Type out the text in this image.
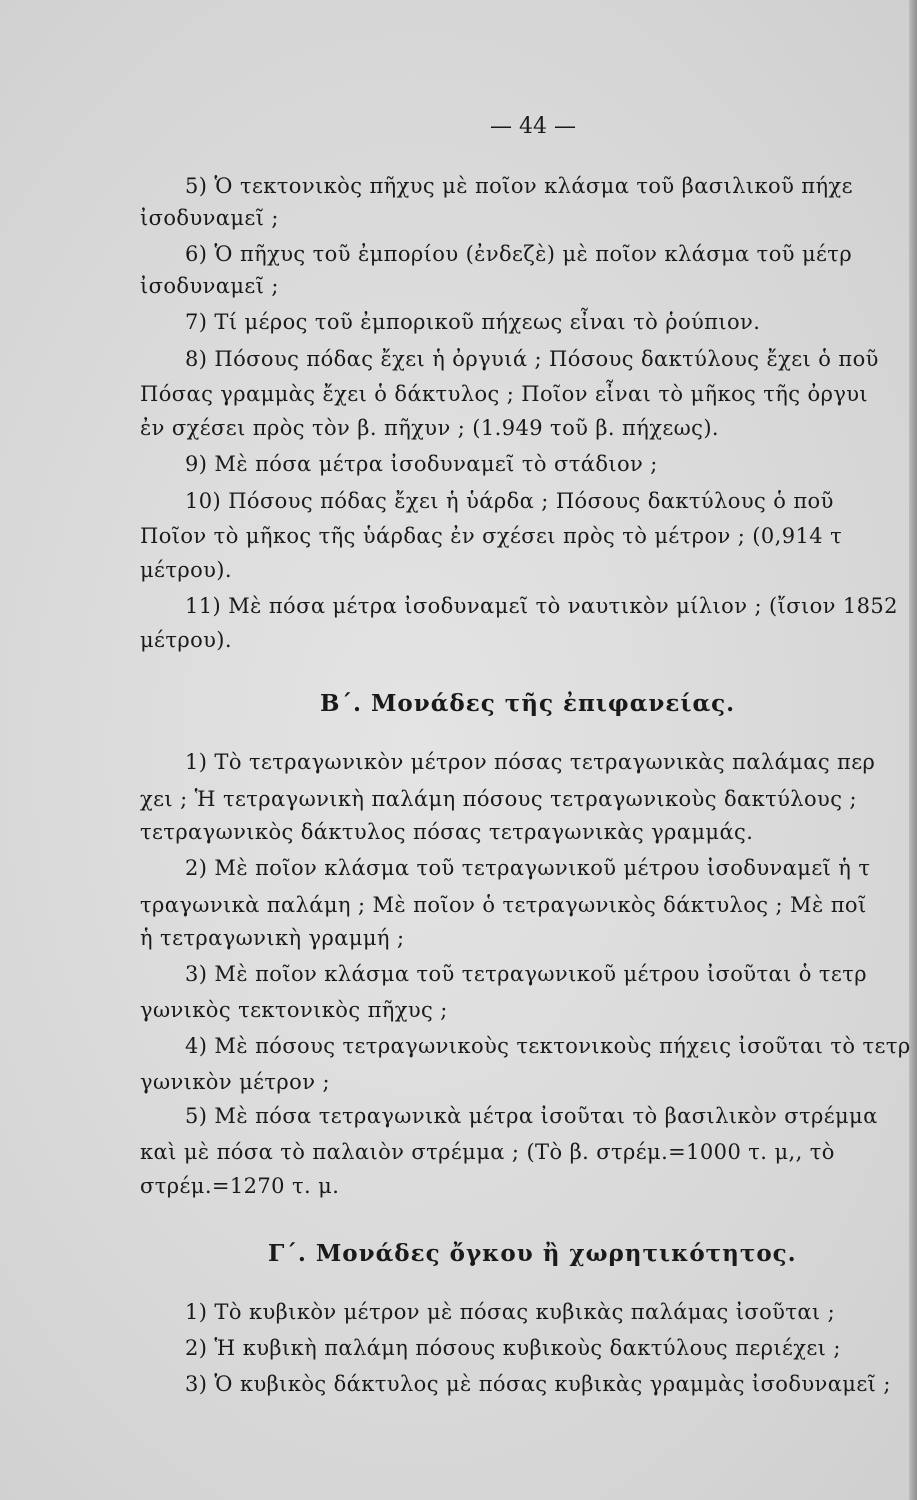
— 44 —
5) Ὁ τεκτονικὸς πῆχυς μὲ ποῖον κλάσμα τοῦ βασιλικοῦ πήχε
ἰσοδυναμεῖ ;
6) Ὁ πῆχυς τοῦ ἐμπορίου (ἐνδεζὲ) μὲ ποῖον κλάσμα τοῦ μέτρ
ἰσοδυναμεῖ ;
7) Τί μέρος τοῦ ἐμπορικοῦ πήχεως εἶναι τὸ ῥούπιον.
8) Πόσους πόδας ἔχει ἡ ὀργυιά ; Πόσους δακτύλους ἔχει ὁ ποῦ
Πόσας γραμμὰς ἔχει ὁ δάκτυλος ; Ποῖον εἶναι τὸ μῆκος τῆς ὀργυι
ἐν σχέσει πρὸς τὸν β. πῆχυν ; (1.949 τοῦ β. πήχεως).
9) Μὲ πόσα μέτρα ἰσοδυναμεῖ τὸ στάδιον ;
10) Πόσους πόδας ἔχει ἡ ὑάρδα ; Πόσους δακτύλους ὁ ποῦ
Ποῖον τὸ μῆκος τῆς ὑάρδας ἐν σχέσει πρὸς τὸ μέτρον ; (0,914 τ
μέτρου).
11) Μὲ πόσα μέτρα ἰσοδυναμεῖ τὸ ναυτικὸν μίλιον ; (ἴσιον 1852
μέτρου).
Β΄. Μονάδες τῆς ἐπιφανείας.
1) Τὸ τετραγωνικὸν μέτρον πόσας τετραγωνικὰς παλάμας περ
χει ; Ἡ τετραγωνικὴ παλάμη πόσους τετραγωνικοὺς δακτύλους ;
τετραγωνικὸς δάκτυλος πόσας τετραγωνικὰς γραμμάς.
2) Μὲ ποῖον κλάσμα τοῦ τετραγωνικοῦ μέτρου ἰσοδυναμεῖ ἡ τ
τραγωνικὰ παλάμη ; Μὲ ποῖον ὁ τετραγωνικὸς δάκτυλος ; Μὲ ποῖ
ἡ τετραγωνικὴ γραμμή ;
3) Μὲ ποῖον κλάσμα τοῦ τετραγωνικοῦ μέτρου ἰσοῦται ὁ τετρ
γωνικὸς τεκτονικὸς πῆχυς ;
4) Μὲ πόσους τετραγωνικοὺς τεκτονικοὺς πήχεις ἰσοῦται τὸ τετρ
γωνικὸν μέτρον ;
5) Μὲ πόσα τετραγωνικὰ μέτρα ἰσοῦται τὸ βασιλικὸν στρέμμα
καὶ μὲ πόσα τὸ παλαιὸν στρέμμα ; (Τὸ β. στρέμ.=1000 τ. μ,, τὸ
στρέμ.=1270 τ. μ.
Γ΄. Μονάδες ὄγκου ἢ χωρητικότητος.
1) Τὸ κυβικὸν μέτρον μὲ πόσας κυβικὰς παλάμας ἰσοῦται ;
2) Ἡ κυβικὴ παλάμη πόσους κυβικοὺς δακτύλους περιέχει ;
3) Ὁ κυβικὸς δάκτυλος μὲ πόσας κυβικὰς γραμμὰς ἰσοδυναμεῖ ;
